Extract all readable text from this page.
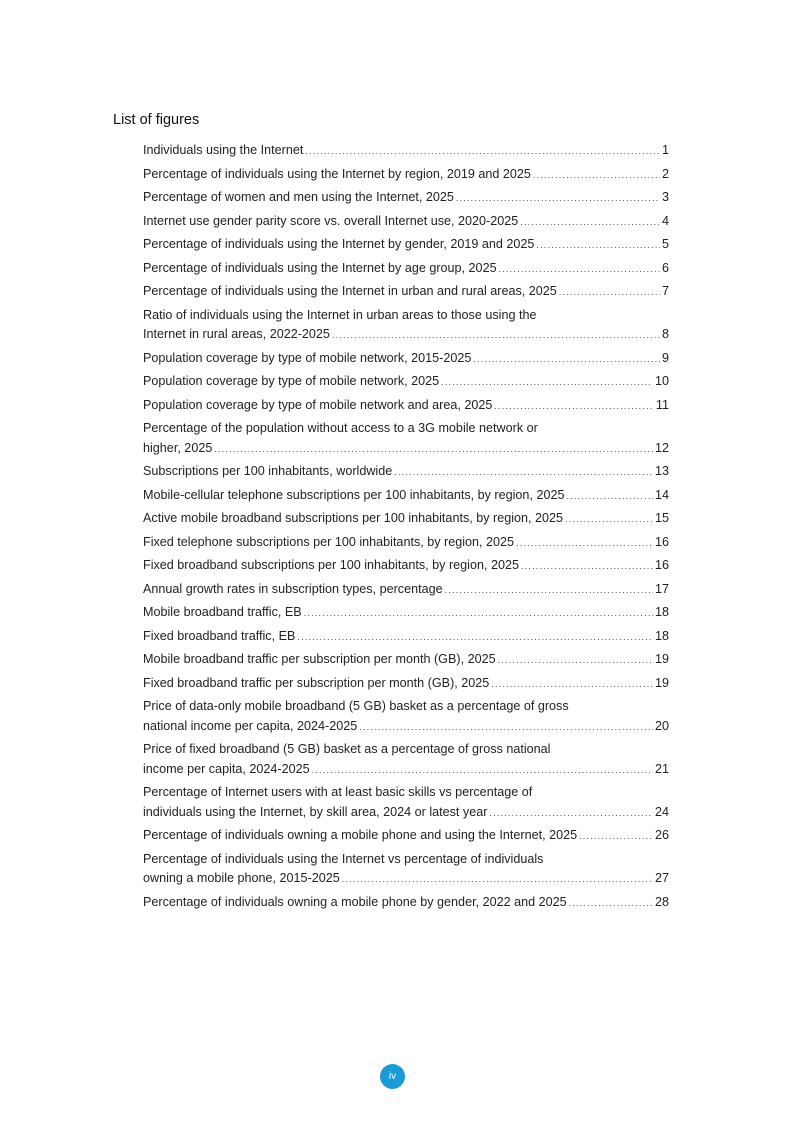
List of figures
Individuals using the Internet .....	1
Percentage of individuals using the Internet by region, 2019 and 2025 .....	2
Percentage of women and men using the Internet, 2025 .....	3
Internet use gender parity score vs. overall Internet use, 2020-2025 .....	4
Percentage of individuals using the Internet by gender, 2019 and 2025 .....	5
Percentage of individuals using the Internet by age group, 2025 .....	6
Percentage of individuals using the Internet in urban and rural areas, 2025 .....	7
Ratio of individuals using the Internet in urban areas to those using the
Internet in rural areas, 2022-2025 .....	8
Population coverage by type of mobile network, 2015-2025 .....	9
Population coverage by type of mobile network, 2025 .....	10
Population coverage by type of mobile network and area, 2025 .....	11
Percentage of the population without access to a 3G mobile network or
higher, 2025 .....	12
Subscriptions per 100 inhabitants, worldwide .....	13
Mobile-cellular telephone subscriptions per 100 inhabitants, by region, 2025 .....	14
Active mobile broadband subscriptions per 100 inhabitants, by region, 2025 .....	15
Fixed telephone subscriptions per 100 inhabitants, by region, 2025 .....	16
Fixed broadband subscriptions per 100 inhabitants, by region, 2025 .....	16
Annual growth rates in subscription types, percentage .....	17
Mobile broadband traffic, EB .....	18
Fixed broadband traffic, EB .....	18
Mobile broadband traffic per subscription per month (GB), 2025 .....	19
Fixed broadband traffic per subscription per month (GB), 2025 .....	19
Price of data-only mobile broadband (5 GB) basket as a percentage of gross
national income per capita, 2024-2025 .....	20
Price of fixed broadband (5 GB) basket as a percentage of gross national
income per capita, 2024-2025 .....	21
Percentage of Internet users with at least basic skills vs percentage of
individuals using the Internet, by skill area, 2024 or latest year .....	24
Percentage of individuals owning a mobile phone and using the Internet, 2025 .....	26
Percentage of individuals using the Internet vs percentage of individuals
owning a mobile phone, 2015-2025 .....	27
Percentage of individuals owning a mobile phone by gender, 2022 and 2025 .....	28
iv
